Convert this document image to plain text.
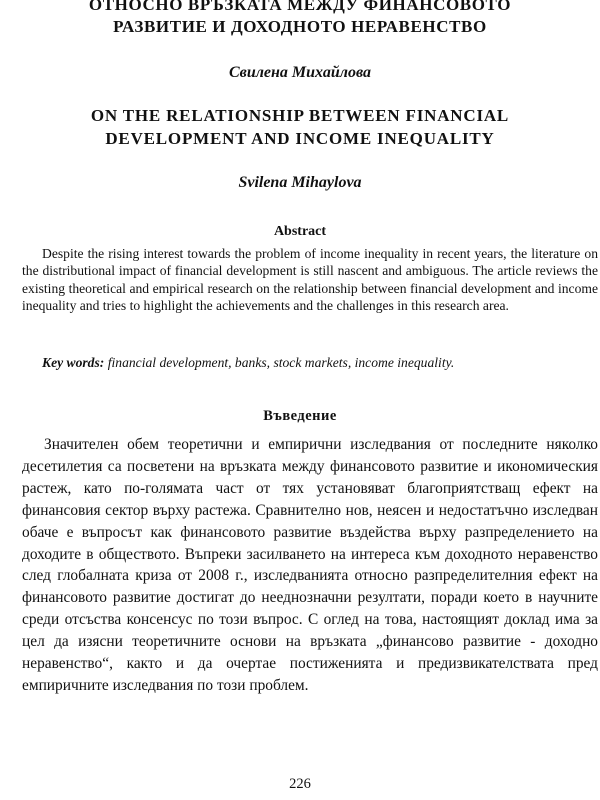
ОТНОСНО ВРЪЗКАТА МЕЖДУ ФИНАНСОВОТО РАЗВИТИЕ И ДОХОДНОТО НЕРАВЕНСТВО
Свилена Михайлова
ON THE RELATIONSHIP BETWEEN FINANCIAL DEVELOPMENT AND INCOME INEQUALITY
Svilena Mihaylova
Abstract

Despite the rising interest towards the problem of income inequality in recent years, the literature on the distributional impact of financial development is still nascent and ambiguous. The article reviews the existing theoretical and empirical research on the relationship between financial development and income inequality and tries to highlight the achievements and the challenges in this research area.

Key words: financial development, banks, stock markets, income inequality.

Въведение

Значителен обем теоретични и емпирични изследвания от последните няколко десетилетия са посветени на връзката между финансовото развитие и икономическия растеж, като по-голямата част от тях установяват благоприятстващ ефект на финансовия сектор върху растежа. Сравнително нов, неясен и недостатъчно изследван обаче е въпросът как финансовото развитие въздейства върху разпределението на доходите в обществото. Въпреки засилването на интереса към доходното неравенство след глобалната криза от 2008 г., изследванията относно разпределителния ефект на финансовото развитие достигат до нееднозначни резултати, поради което в научните среди отсъства консенсус по този въпрос. С оглед на това, настоящият доклад има за цел да изясни теоретичните основи на връзката „финансово развитие - доходно неравенство“, както и да очертае постиженията и предизвикателствата пред емпиричните изследвания по този проблем.

226
